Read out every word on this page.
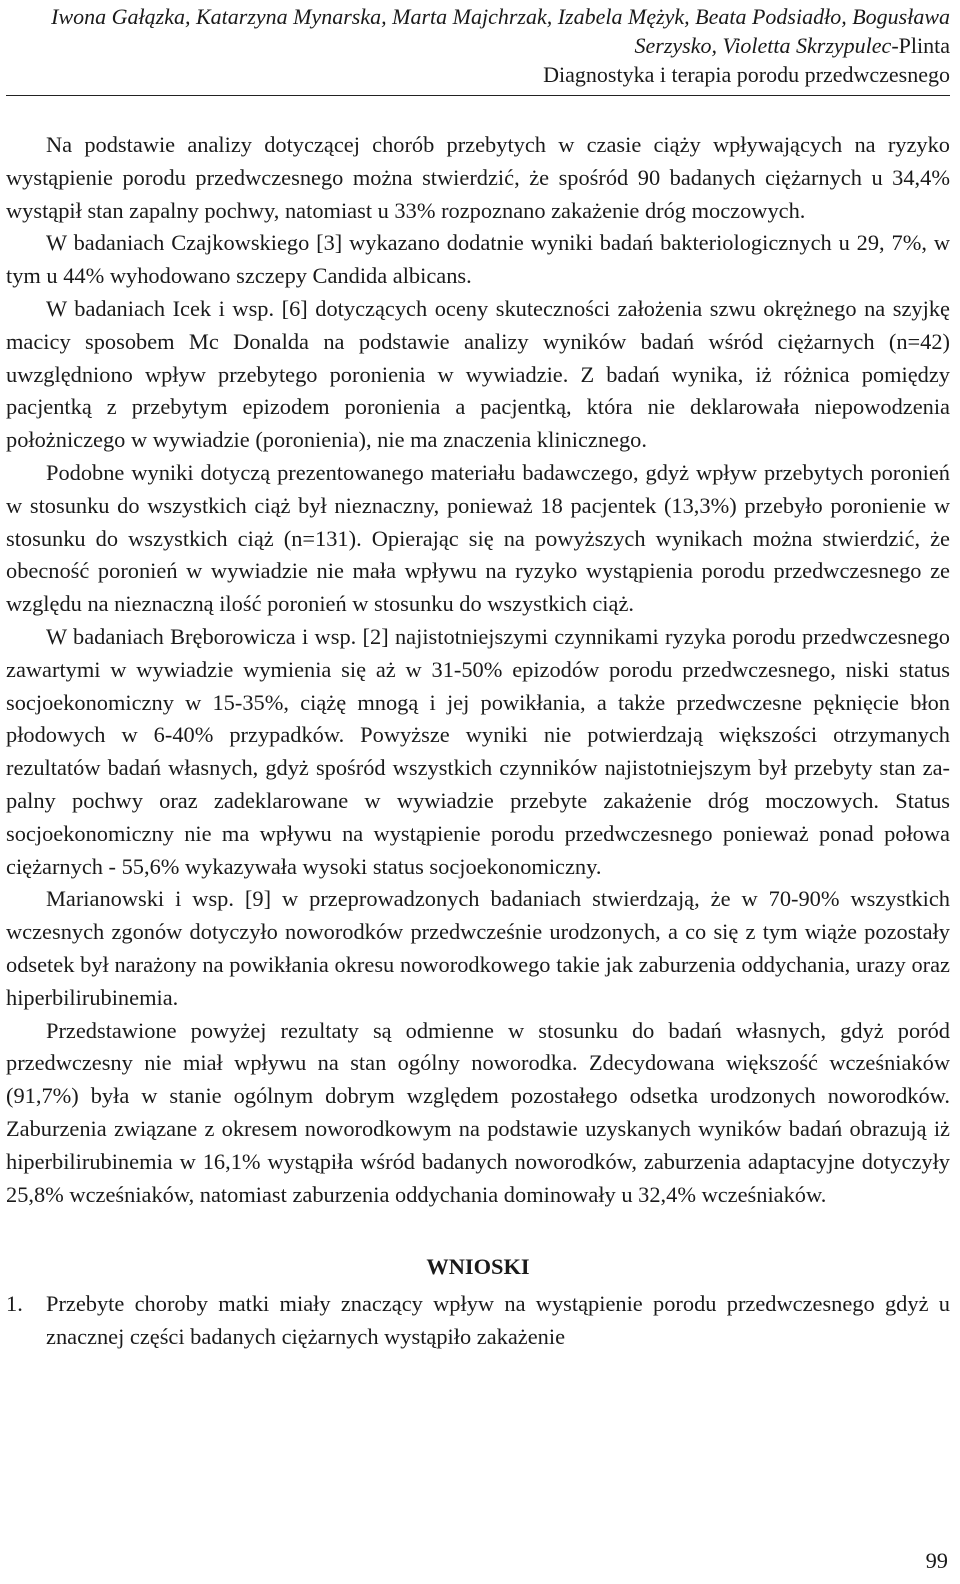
Iwona Gałązka, Katarzyna Mynarska, Marta Majchrzak, Izabela Mężyk, Beata Podsiadło, Bogusława Serzysko, Violetta Skrzypulec-Plinta
Diagnostyka i terapia porodu przedwczesnego

Na podstawie analizy dotyczącej chorób przebytych w czasie ciąży wpływających na ryzyko wystąpienie porodu przedwczesnego można stwierdzić, że spośród 90 badanych ciężarnych u 34,4% wystąpił stan zapalny pochwy, natomiast u 33% rozpoznano zakażenie dróg moczowych.

W badaniach Czajkowskiego [3] wykazano dodatnie wyniki badań bakteriologicznych u 29, 7%, w tym u 44% wyhodowano szczepy Candida albicans.

W badaniach Icek i wsp. [6] dotyczących oceny skuteczności założenia szwu okrężnego na szyjkę macicy sposobem Mc Donalda na podstawie analizy wyników badań wśród ciężarnych (n=42) uwzględniono wpływ przebytego poronienia w wywiadzie. Z badań wynika, iż różnica pomiędzy pacjentką z przebytym epizodem poronienia a pacjentką, która nie deklarowała niepowodzenia położniczego w wywiadzie (poronienia), nie ma znaczenia klinicznego.

Podobne wyniki dotyczą prezentowanego materiału badawczego, gdyż wpływ przebytych poronień w stosunku do wszystkich ciąż był nieznaczny, ponieważ 18 pacjentek (13,3%) przebyło poronienie w stosunku do wszystkich ciąż (n=131). Opierając się na powyższych wynikach można stwierdzić, że obecność poronień w wywiadzie nie mała wpływu na ryzyko wystąpienia porodu przedwczesnego ze względu na nieznaczną ilość poronień w stosunku do wszystkich ciąż.

W badaniach Bręborowicza i wsp. [2] najistotniejszymi czynnikami ryzyka porodu przedwczesnego zawartymi w wywiadzie wymienia się aż w 31-50% epizodów porodu przedwczesnego, niski status socjoekonomiczny w 15-35%, ciążę mnogą i jej powikłania, a także przedwczesne pęknięcie błon płodowych w 6-40% przypadków. Powyższe wyniki nie potwierdzają większości otrzymanych rezultatów badań własnych, gdyż spośród wszystkich czynników najistotniejszym był przebyty stan zapalny pochwy oraz zadeklarowane w wywiadzie przebyte zakażenie dróg moczowych. Status socjoekonomiczny nie ma wpływu na wystąpienie porodu przedwczesnego ponieważ ponad połowa ciężarnych - 55,6% wykazywała wysoki status socjoekonomiczny.

Marianowski i wsp. [9] w przeprowadzonych badaniach stwierdzają, że w 70-90% wszystkich wczesnych zgonów dotyczyło noworodków przedwcześnie urodzonych, a co się z tym wiąże pozostały odsetek był narażony na powikłania okresu noworodkowego takie jak zaburzenia oddychania, urazy oraz hiperbilirubinemia.

Przedstawione powyżej rezultaty są odmienne w stosunku do badań własnych, gdyż poród przedwczesny nie miał wpływu na stan ogólny noworodka. Zdecydowana większość wcześniaków (91,7%) była w stanie ogólnym dobrym względem pozostałego odsetka urodzonych noworodków. Zaburzenia związane z okresem noworodkowym na podstawie uzyskanych wyników badań obrazują iż hiperbilirubinemia w 16,1% wystąpiła wśród badanych noworodków, zaburzenia adaptacyjne dotyczyły 25,8% wcześniaków, natomiast zaburzenia oddychania dominowały u 32,4% wcześniaków.

WNIOSKI
1.	Przebyte choroby matki miały znaczący wpływ na wystąpienie porodu przedwczesnego gdyż u znacznej części badanych ciężarnych wystąpiło zakażenie
99
